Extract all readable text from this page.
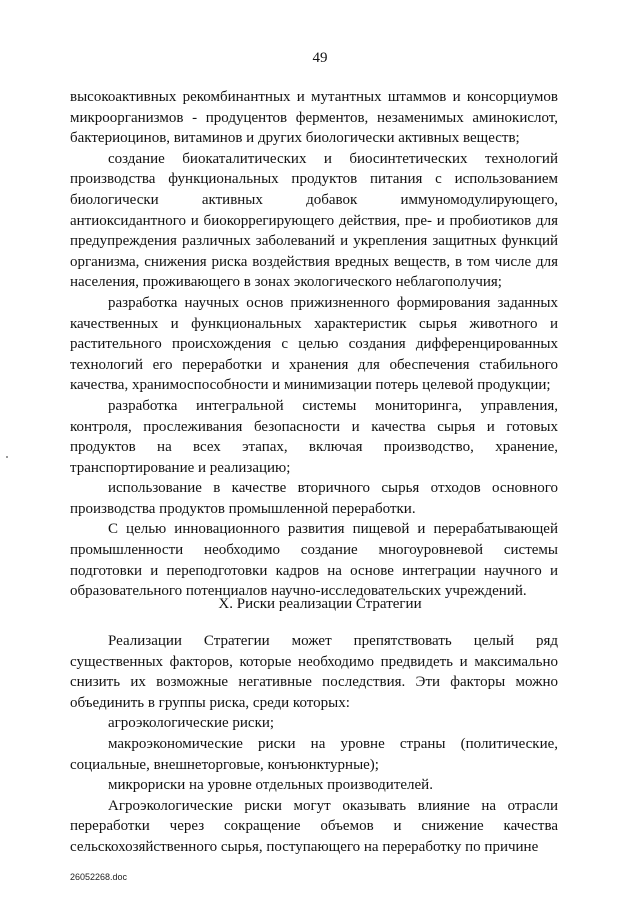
49

высокоактивных рекомбинантных и мутантных штаммов и консорциумов микроорганизмов - продуцентов ферментов, незаменимых аминокислот, бактериоцинов, витаминов и других биологически активных веществ;

создание биокаталитических и биосинтетических технологий производства функциональных продуктов питания с использованием биологически активных добавок иммуномодулирующего, антиоксидантного и биокоррегирующего действия, пре- и пробиотиков для предупреждения различных заболеваний и укрепления защитных функций организма, снижения риска воздействия вредных веществ, в том числе для населения, проживающего в зонах экологического неблагополучия;

разработка научных основ прижизненного формирования заданных качественных и функциональных характеристик сырья животного и растительного происхождения с целью создания дифференцированных технологий его переработки и хранения для обеспечения стабильного качества, хранимоспособности и минимизации потерь целевой продукции;

разработка интегральной системы мониторинга, управления, контроля, прослеживания безопасности и качества сырья и готовых продуктов на всех этапах, включая производство, хранение, транспортирование и реализацию;

использование в качестве вторичного сырья отходов основного производства продуктов промышленной переработки.

С целью инновационного развития пищевой и перерабатывающей промышленности необходимо создание многоуровневой системы подготовки и переподготовки кадров на основе интеграции научного и образовательного потенциалов научно-исследовательских учреждений.

X. Риски реализации Стратегии

Реализации Стратегии может препятствовать целый ряд существенных факторов, которые необходимо предвидеть и максимально снизить их возможные негативные последствия. Эти факторы можно объединить в группы риска, среди которых:

агроэкологические риски;

макроэкономические риски на уровне страны (политические, социальные, внешнеторговые, конъюнктурные);

микрориски на уровне отдельных производителей.

Агроэкологические риски могут оказывать влияние на отрасли переработки через сокращение объемов и снижение качества сельскохозяйственного сырья, поступающего на переработку по причине

26052268.doc
